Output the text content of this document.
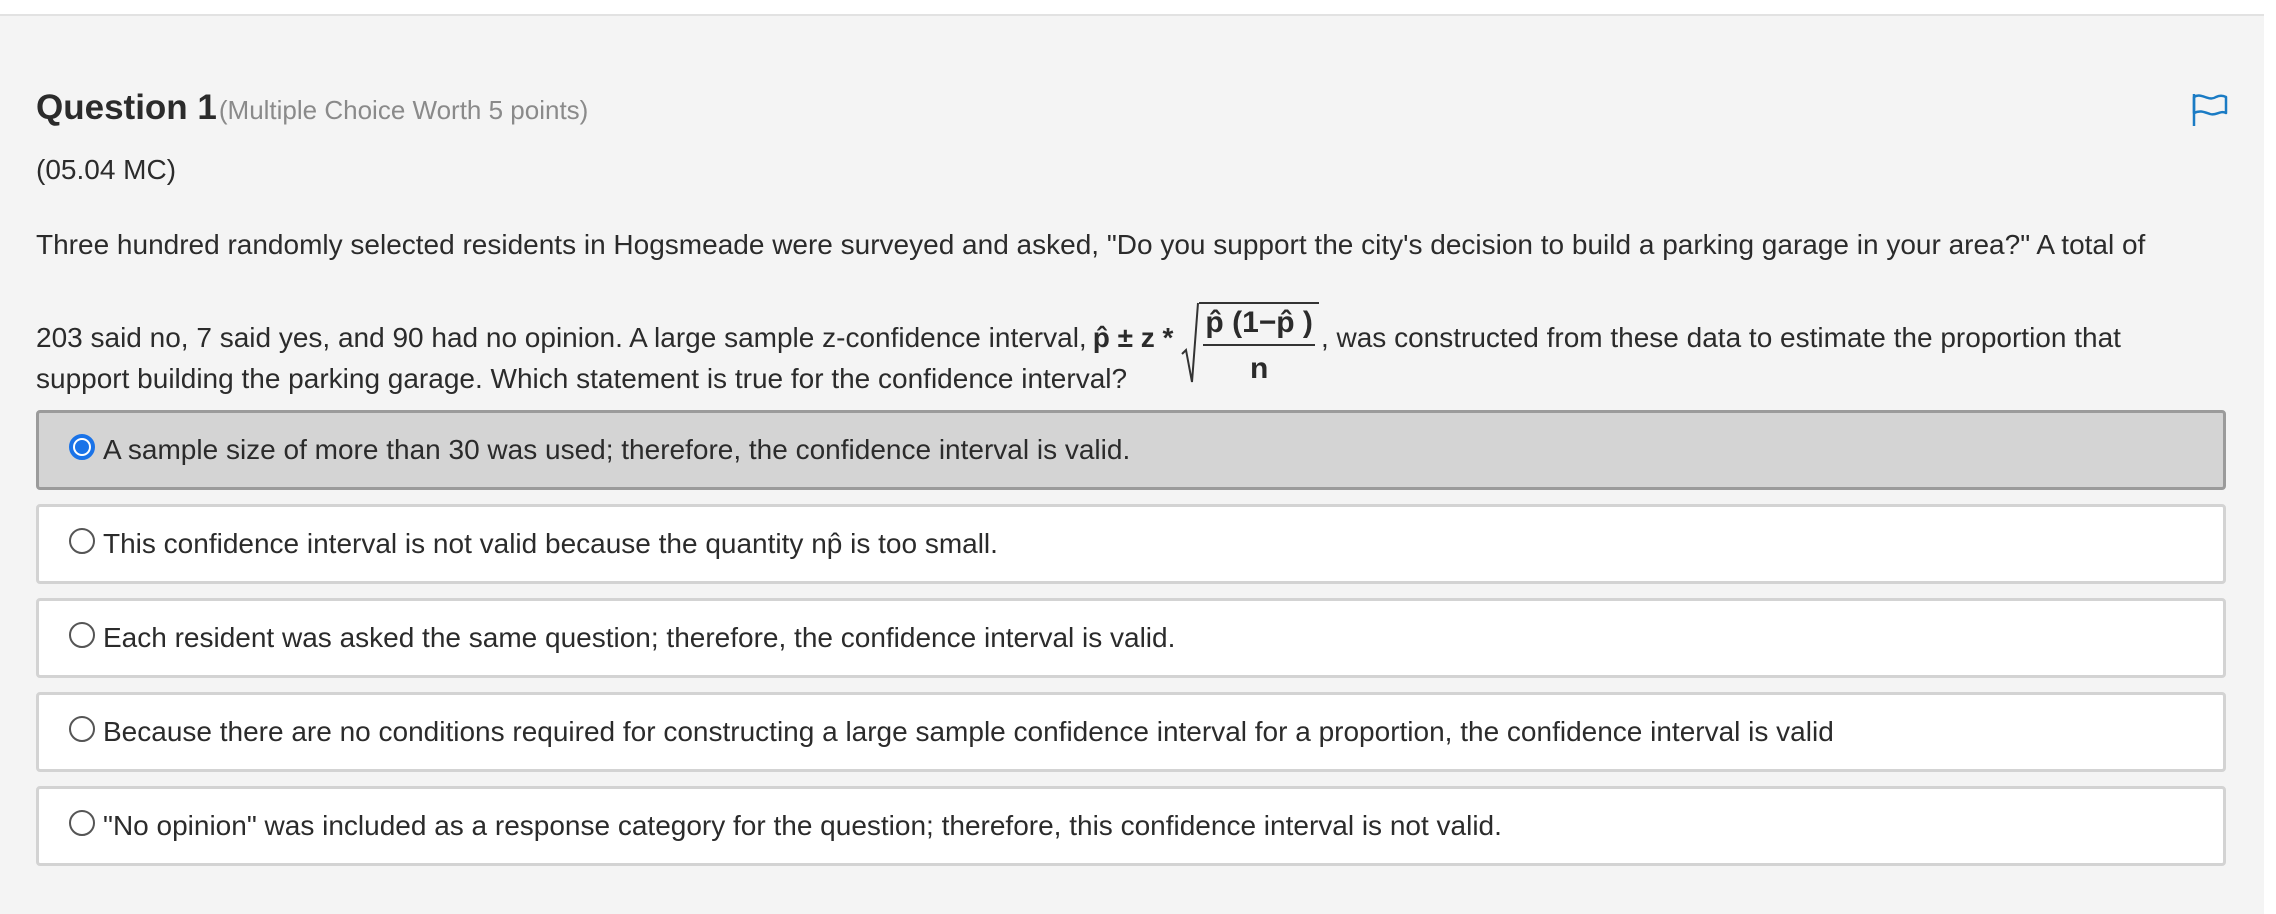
Question 1 (Multiple Choice Worth 5 points)
(05.04 MC)
Three hundred randomly selected residents in Hogsmeade were surveyed and asked, "Do you support the city's decision to build a parking garage in your area?" A total of
203 said no, 7 said yes, and 90 had no opinion. A large sample z-confidence interval, p̂ ± z * $\frac{p̂ (1-p̂ )}{n}$ , was constructed from these data to estimate the proportion that
support building the parking garage. Which statement is true for the confidence interval?
A sample size of more than 30 was used; therefore, the confidence interval is valid.
This confidence interval is not valid because the quantity np̂ is too small.
Each resident was asked the same question; therefore, the confidence interval is valid.
Because there are no conditions required for constructing a large sample confidence interval for a proportion, the confidence interval is valid
"No opinion" was included as a response category for the question; therefore, this confidence interval is not valid.
